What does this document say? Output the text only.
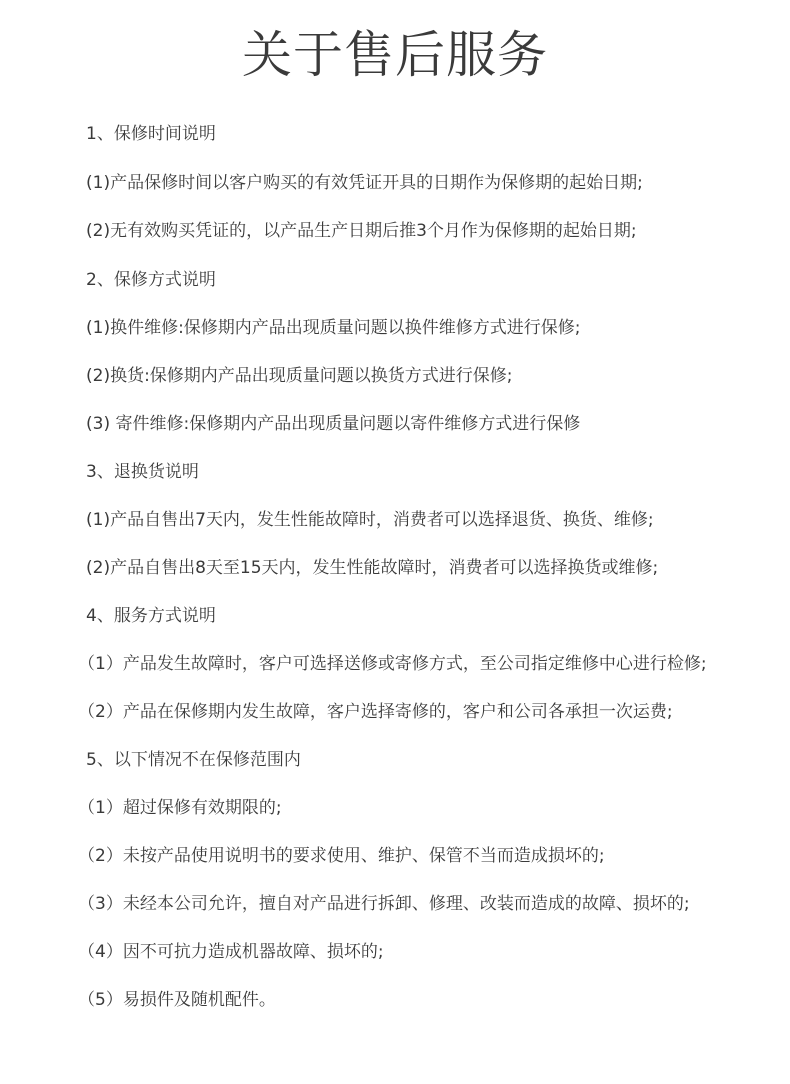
关于售后服务
1、保修时间说明
(1)产品保修时间以客户购买的有效凭证开具的日期作为保修期的起始日期;
(2)无有效购买凭证的，以产品生产日期后推3个月作为保修期的起始日期;
2、保修方式说明
(1)换件维修:保修期内产品出现质量问题以换件维修方式进行保修;
(2)换货:保修期内产品出现质量问题以换货方式进行保修;
(3) 寄件维修:保修期内产品出现质量问题以寄件维修方式进行保修
3、退换货说明
(1)产品自售出7天内，发生性能故障时，消费者可以选择退货、换货、维修;
(2)产品自售出8天至15天内，发生性能故障时，消费者可以选择换货或维修;
4、服务方式说明
（1）产品发生故障时，客户可选择送修或寄修方式，至公司指定维修中心进行检修;
（2）产品在保修期内发生故障，客户选择寄修的，客户和公司各承担一次运费;
5、以下情况不在保修范围内
（1）超过保修有效期限的;
（2）未按产品使用说明书的要求使用、维护、保管不当而造成损坏的;
（3）未经本公司允许，擅自对产品进行拆卸、修理、改装而造成的故障、损坏的;
（4）因不可抗力造成机器故障、损坏的;
（5）易损件及随机配件。
